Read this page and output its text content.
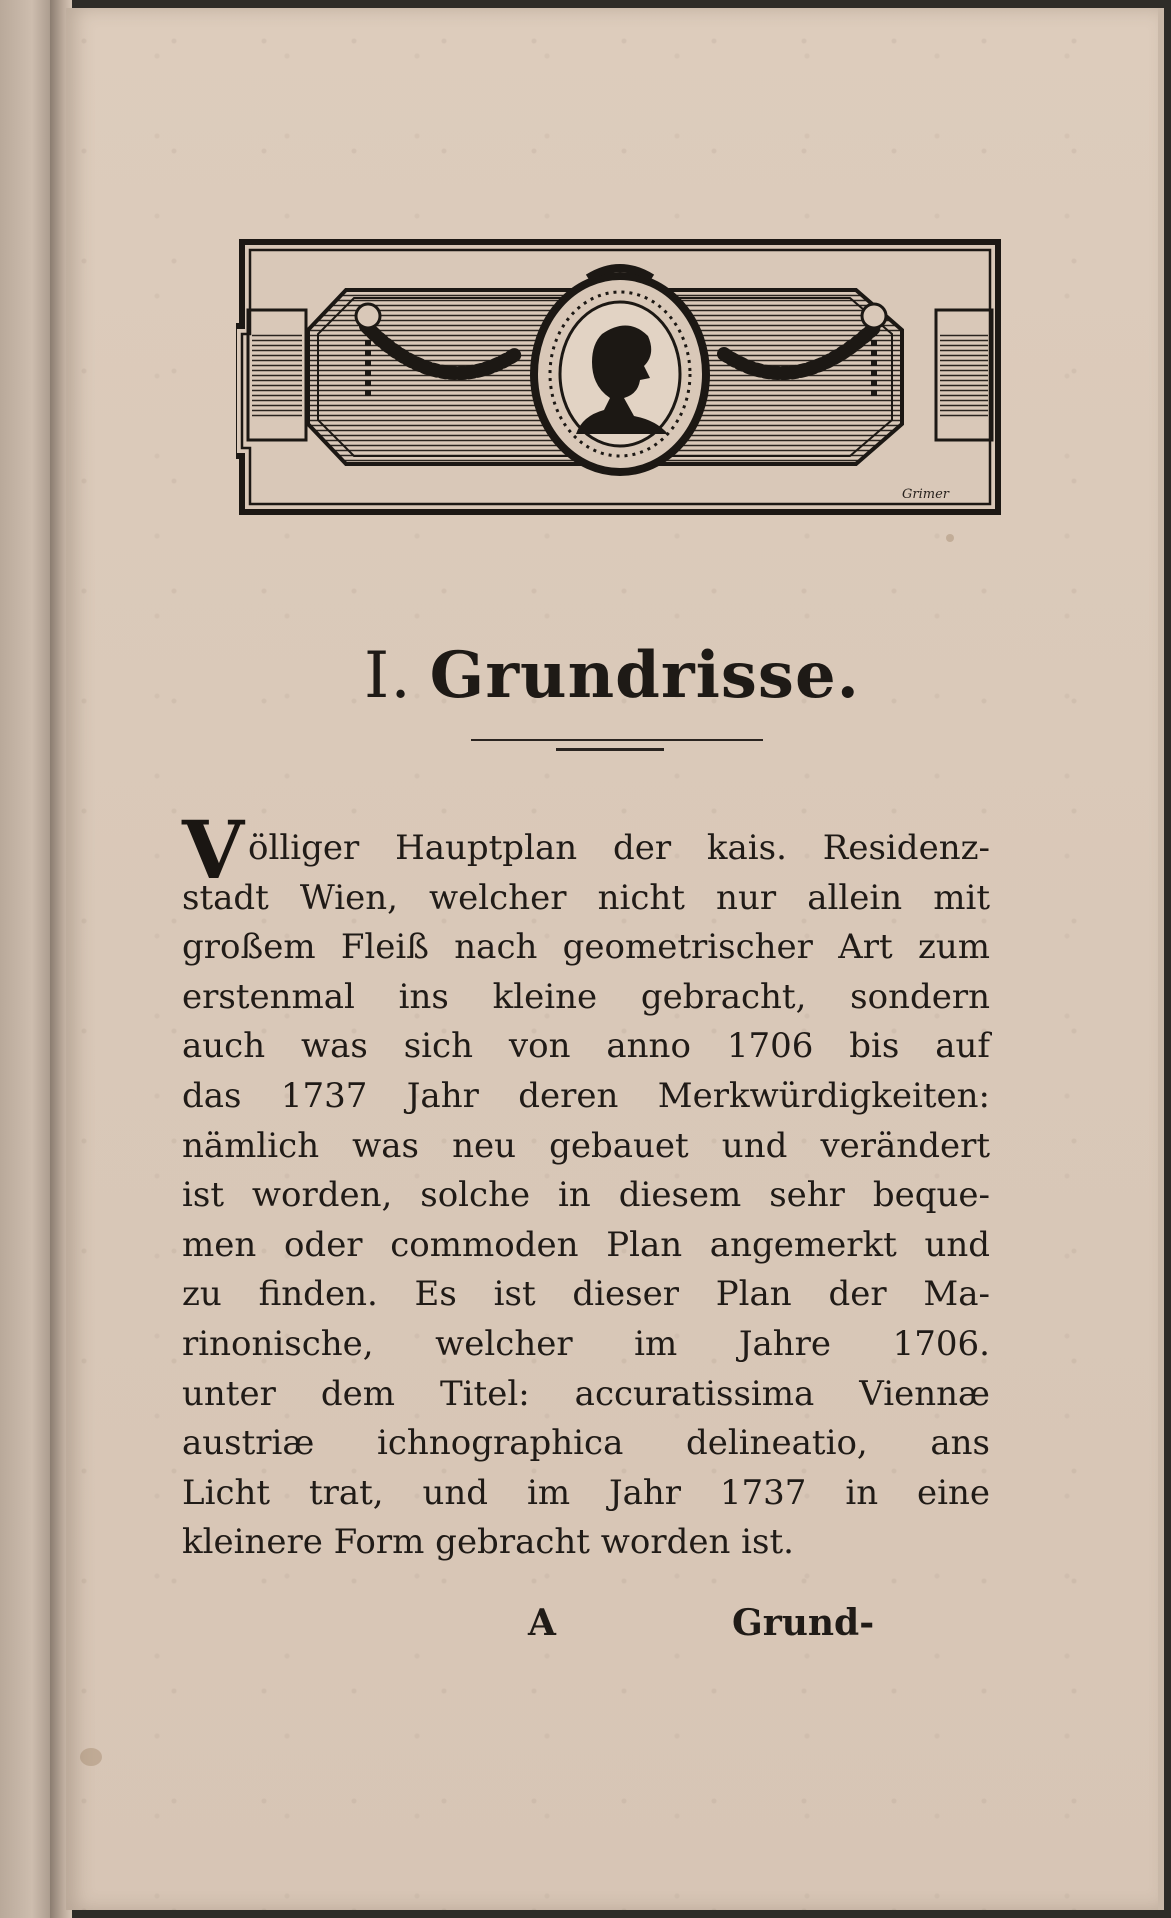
Grimer
I. Grundrisse.
V ölliger Hauptplan der kais. Residenz-
stadt Wien, welcher nicht nur allein mit
großem Fleiß nach geometrischer Art zum
erstenmal ins kleine gebracht, sondern
auch was sich von anno 1706 bis auf
das 1737 Jahr deren Merkwürdigkeiten:
nämlich was neu gebauet und verändert
ist worden, solche in diesem sehr beque-
men oder commoden Plan angemerkt und
zu finden. Es ist dieser Plan der Ma-
rinonische, welcher im Jahre 1706.
unter dem Titel: accuratissima Viennæ
austriæ ichnographica delineatio, ans
Licht trat, und im Jahr 1737 in eine
kleinere Form gebracht worden ist.
A	Grund-
